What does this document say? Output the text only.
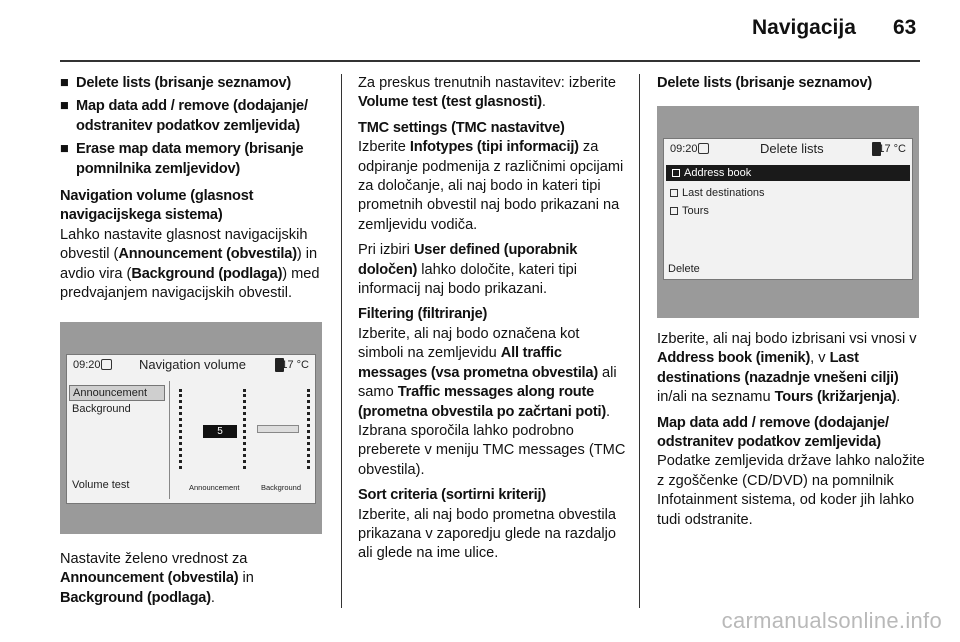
Navigacija 63
■ Delete lists (brisanje seznamov)
■ Map data add / remove (dodajanje/ odstranitev podatkov zemljevida)
■ Erase map data memory (brisanje pomnilnika zemljevidov)
Navigation volume (glasnost navigacijskega sistema)
Lahko nastavite glasnost navigacijskih obvestil (Announcement (obvestila)) in avdio vira (Background (podlaga)) med predvajanjem navigacijskih obvestil.
09:20	Navigation volume	17 °C
Announcement
Background
Volume test
5
Announcement	Background
Nastavite želeno vrednost za Announcement (obvestila) in Background (podlaga).
Za preskus trenutnih nastavitev: izberite Volume test (test glasnosti).
TMC settings (TMC nastavitve)
Izberite Infotypes (tipi informacij) za odpiranje podmenija z različnimi opcijami za določanje, ali naj bodo in kateri tipi prometnih obvestil naj bodo prikazani na zemljevidu vodiča.
Pri izbiri User defined (uporabnik določen) lahko določite, kateri tipi informacij naj bodo prikazani.
Filtering (filtriranje)
Izberite, ali naj bodo označena kot simboli na zemljevidu All traffic messages (vsa prometna obvestila) ali samo Traffic messages along route (prometna obvestila po začrtani poti). Izbrana sporočila lahko podrobno preberete v meniju TMC messages (TMC obvestila).
Sort criteria (sortirni kriterij)
Izberite, ali naj bodo prometna obvestila prikazana v zaporedju glede na razdaljo ali glede na ime ulice.
Delete lists (brisanje seznamov)
09:20	Delete lists	17 °C
Address book
Last destinations
Tours
Delete
Izberite, ali naj bodo izbrisani vsi vnosi v Address book (imenik), v Last destinations (nazadnje vnešeni cilji) in/ali na seznamu Tours (križarjenja).
Map data add / remove (dodajanje/ odstranitev podatkov zemljevida)
Podatke zemljevida države lahko naložite z zgoščenke (CD/DVD) na pomnilnik Infotainment sistema, od koder jih lahko tudi odstranite.
carmanualsonline.info
